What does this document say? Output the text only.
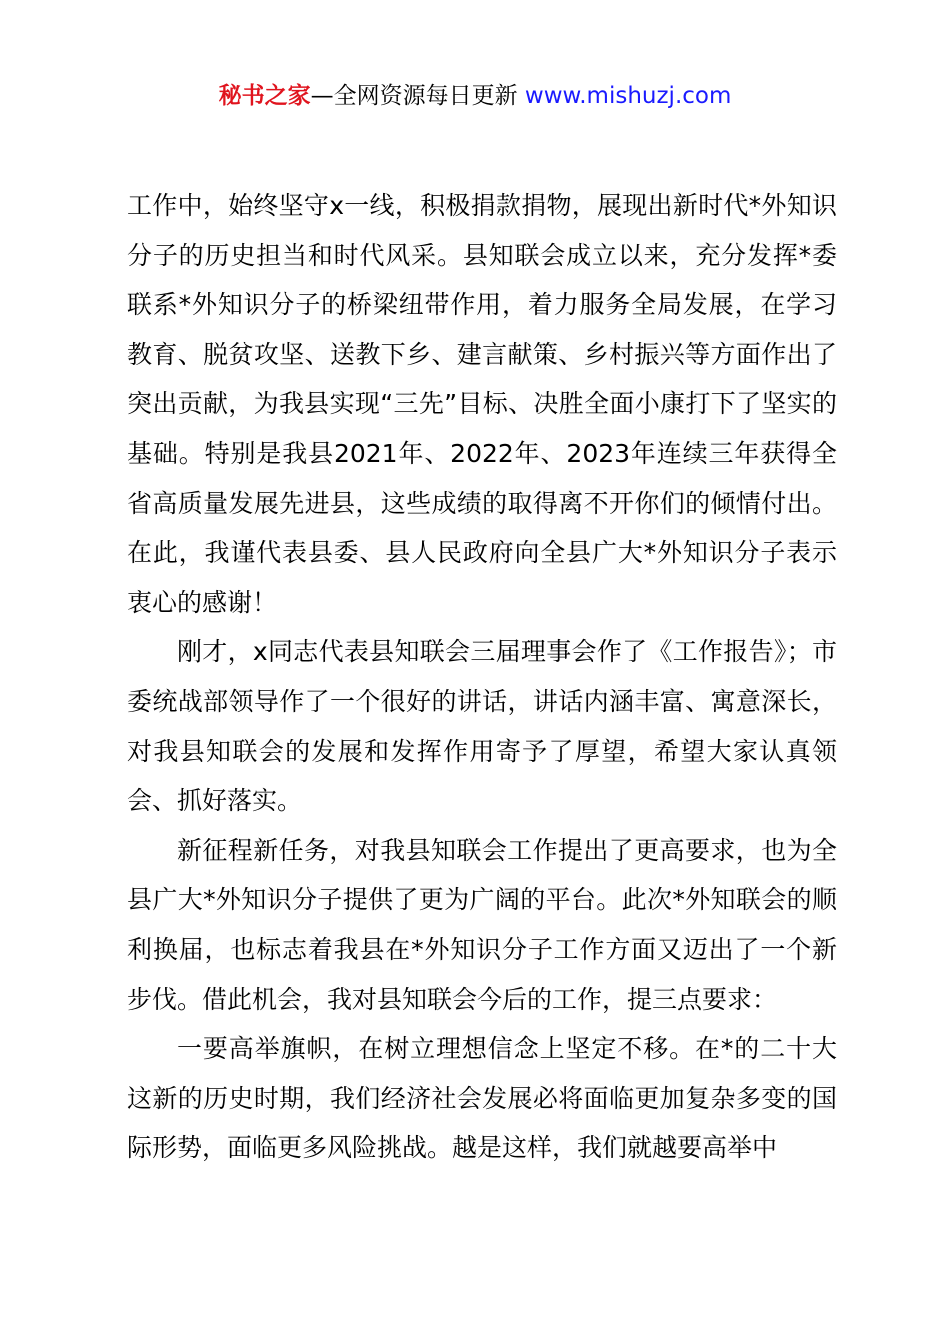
秘书之家—全网资源每日更新 www.mishuzj.com

工作中，始终坚守x一线，积极捐款捐物，展现出新时代*外知识分子的历史担当和时代风采。县知联会成立以来，充分发挥*委联系*外知识分子的桥梁纽带作用，着力服务全局发展，在学习教育、脱贫攻坚、送教下乡、建言献策、乡村振兴等方面作出了突出贡献，为我县实现“三先”目标、决胜全面小康打下了坚实的基础。特别是我县2021年、2022年、2023年连续三年获得全省高质量发展先进县，这些成绩的取得离不开你们的倾情付出。在此，我谨代表县委、县人民政府向全县广大*外知识分子表示衷心的感谢！

刚才，x同志代表县知联会三届理事会作了《工作报告》；市委统战部领导作了一个很好的讲话，讲话内涵丰富、寓意深长，对我县知联会的发展和发挥作用寄予了厚望，希望大家认真领会、抓好落实。

新征程新任务，对我县知联会工作提出了更高要求，也为全县广大*外知识分子提供了更为广阔的平台。此次*外知联会的顺利换届，也标志着我县在*外知识分子工作方面又迈出了一个新步伐。借此机会，我对县知联会今后的工作，提三点要求：

一要高举旗帜，在树立理想信念上坚定不移。在*的二十大这新的历史时期，我们经济社会发展必将面临更加复杂多变的国际形势，面临更多风险挑战。越是这样，我们就越要高举中
